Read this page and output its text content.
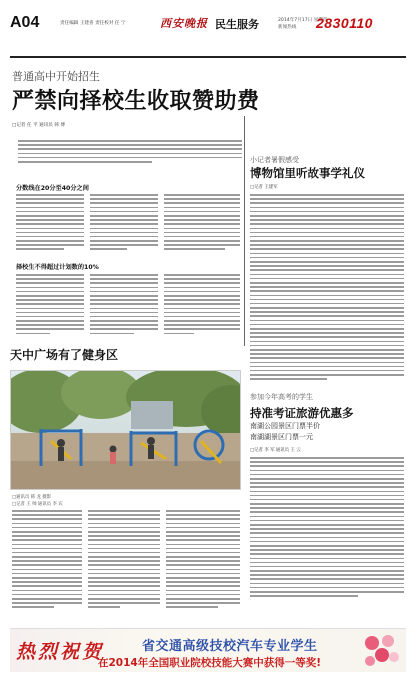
A04	责任编辑 王建喜 责任校对 任 宁	西安晚报 民生服务	2014年7月17日 星期四
新闻热线 2830110
普通高中开始招生
严禁向择校生收取赞助费
□记者 任 平 通讯员 韩 博
分数线在20分至40分之间
择校生不得超过计划数的10%
天中广场有了健身区
□通讯员 韩 龙 摄影
□记者 王 帅 通讯员 李 宾
小记者暑假感受
博物馆里听故事学礼仪
□记者 王建军
参加今年高考的学生
持准考证旅游优惠多
南湖公园景区门票半价
南湖湖景区门票一元
□记者 李 军 通讯员 王 云
热烈祝贺	省交通高级技校汽车专业学生
在2014年全国职业院校技能大赛中获得一等奖!
